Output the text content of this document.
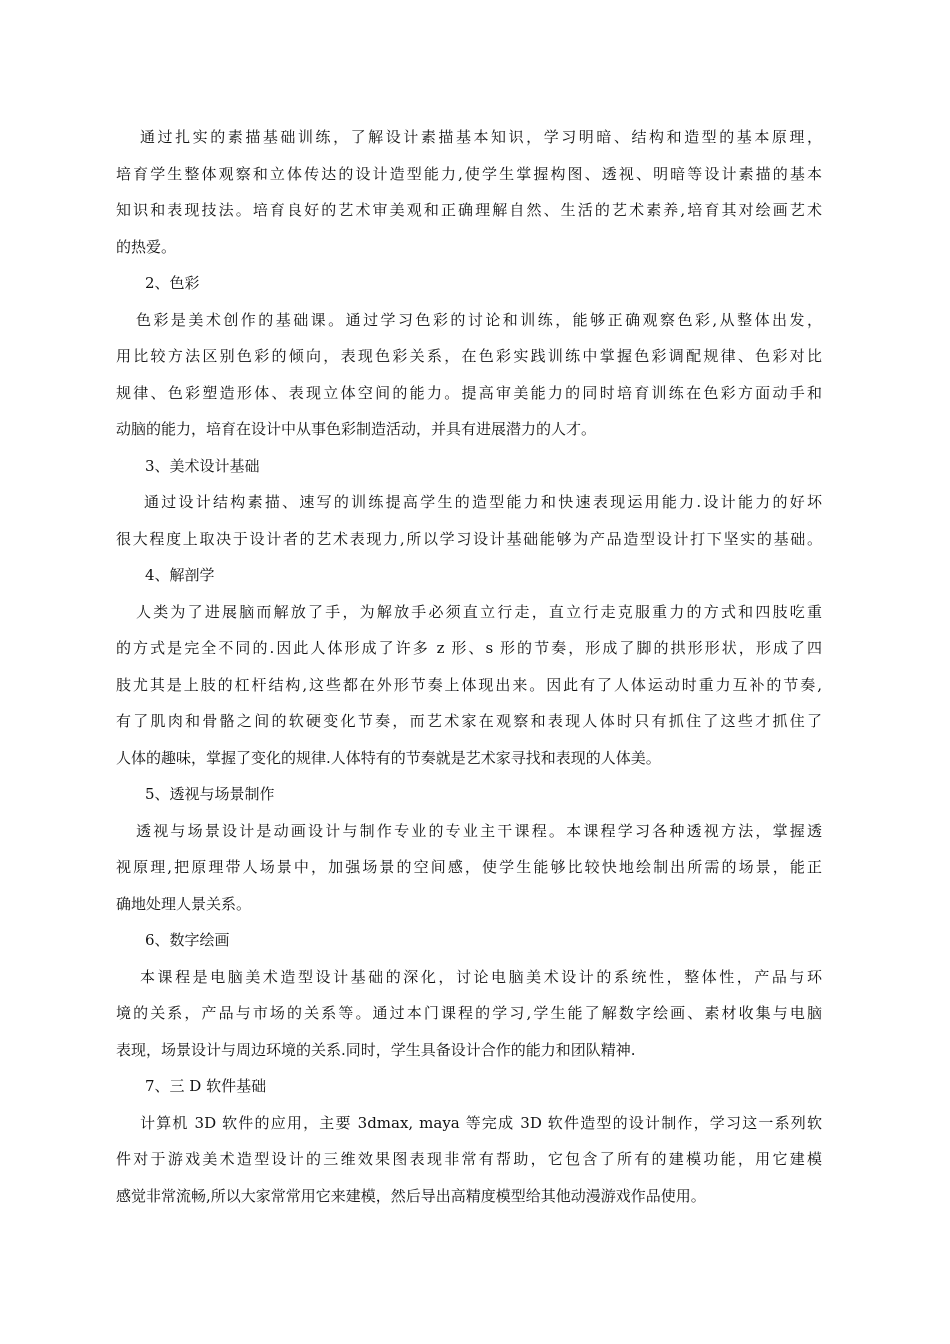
通过扎实的素描基础训练，了解设计素描基本知识，学习明暗、结构和造型的基本原理，
培育学生整体观察和立体传达的设计造型能力,使学生掌握构图、透视、明暗等设计素描的基本
知识和表现技法。培育良好的艺术审美观和正确理解自然、生活的艺术素养,培育其对绘画艺术
的热爱。
2、色彩
色彩是美术创作的基础课。通过学习色彩的讨论和训练，能够正确观察色彩,从整体出发，
用比较方法区别色彩的倾向，表现色彩关系，在色彩实践训练中掌握色彩调配规律、色彩对比
规律、色彩塑造形体、表现立体空间的能力。提高审美能力的同时培育训练在色彩方面动手和
动脑的能力，培育在设计中从事色彩制造活动，并具有进展潜力的人才。
3、美术设计基础
通过设计结构素描、速写的训练提高学生的造型能力和快速表现运用能力.设计能力的好坏
很大程度上取决于设计者的艺术表现力,所以学习设计基础能够为产品造型设计打下坚实的基础。
4、解剖学
人类为了进展脑而解放了手，为解放手必须直立行走，直立行走克服重力的方式和四肢吃重
的方式是完全不同的.因此人体形成了许多 z 形、s 形的节奏，形成了脚的拱形形状，形成了四
肢尤其是上肢的杠杆结构,这些都在外形节奏上体现出来。因此有了人体运动时重力互补的节奏,
有了肌肉和骨骼之间的软硬变化节奏，而艺术家在观察和表现人体时只有抓住了这些才抓住了
人体的趣味，掌握了变化的规律.人体特有的节奏就是艺术家寻找和表现的人体美。
5、透视与场景制作
透视与场景设计是动画设计与制作专业的专业主干课程。本课程学习各种透视方法，掌握透
视原理,把原理带人场景中，加强场景的空间感，使学生能够比较快地绘制出所需的场景，能正
确地处理人景关系。
6、数字绘画
本课程是电脑美术造型设计基础的深化，讨论电脑美术设计的系统性，整体性，产品与环
境的关系，产品与市场的关系等。通过本门课程的学习,学生能了解数字绘画、素材收集与电脑
表现，场景设计与周边环境的关系.同时，学生具备设计合作的能力和团队精神.
7、三 D 软件基础
计算机 3D 软件的应用，主要 3dmax, maya 等完成 3D 软件造型的设计制作，学习这一系列软
件对于游戏美术造型设计的三维效果图表现非常有帮助，它包含了所有的建模功能，用它建模
感觉非常流畅,所以大家常常用它来建模，然后导出高精度模型给其他动漫游戏作品使用。
